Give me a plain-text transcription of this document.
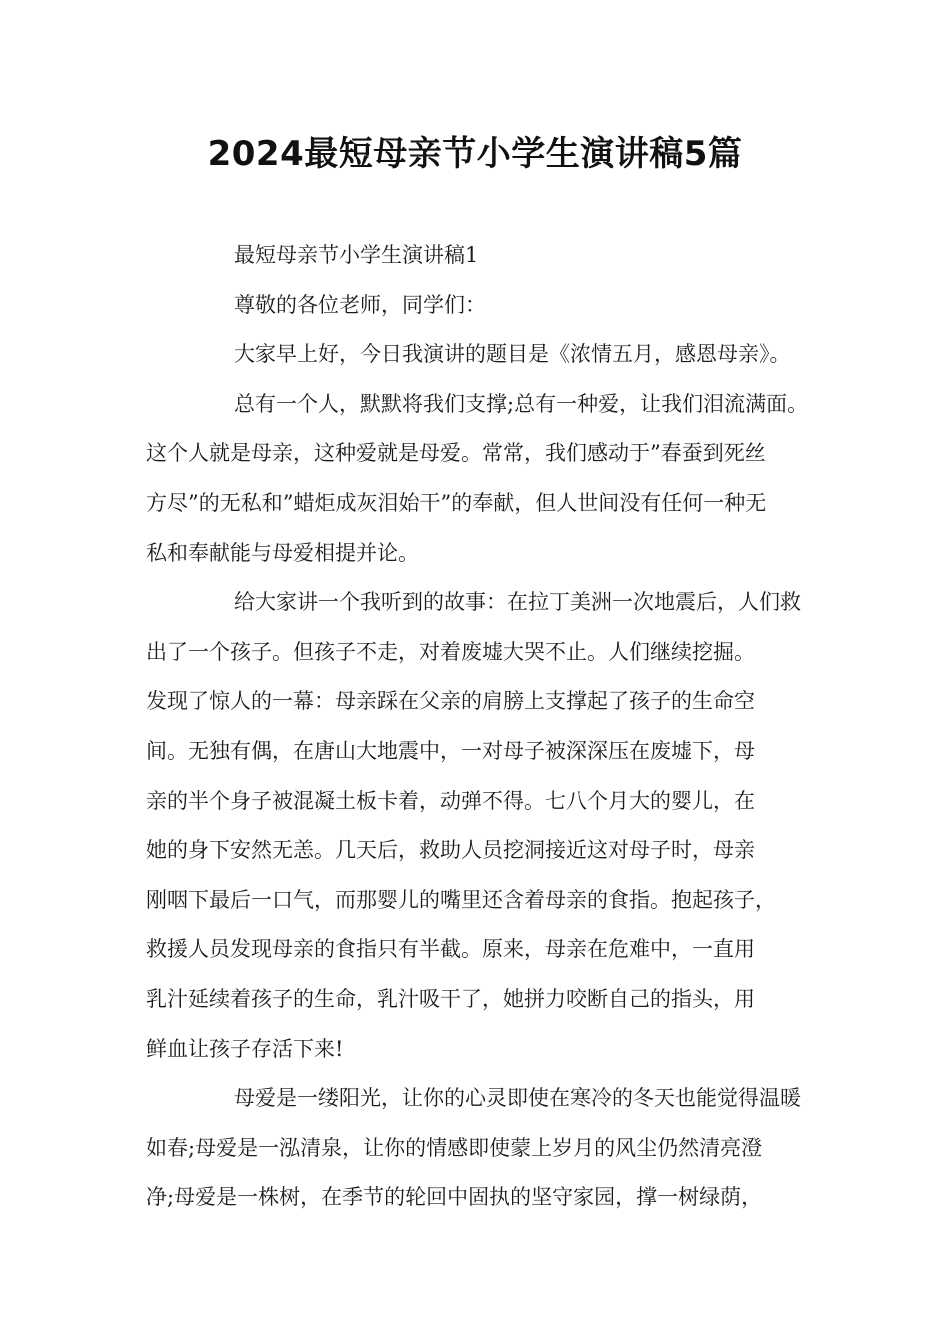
2024最短母亲节小学生演讲稿5篇
最短母亲节小学生演讲稿1
尊敬的各位老师，同学们：
大家早上好，今日我演讲的题目是《浓情五月，感恩母亲》。
总有一个人，默默将我们支撑;总有一种爱，让我们泪流满面。
这个人就是母亲，这种爱就是母爱。常常，我们感动于”春蚕到死丝
方尽”的无私和”蜡炬成灰泪始干”的奉献，但人世间没有任何一种无
私和奉献能与母爱相提并论。
给大家讲一个我听到的故事：在拉丁美洲一次地震后，人们救
出了一个孩子。但孩子不走，对着废墟大哭不止。人们继续挖掘。
发现了惊人的一幕：母亲踩在父亲的肩膀上支撑起了孩子的生命空
间。无独有偶，在唐山大地震中，一对母子被深深压在废墟下，母
亲的半个身子被混凝土板卡着，动弹不得。七八个月大的婴儿，在
她的身下安然无恙。几天后，救助人员挖洞接近这对母子时，母亲
刚咽下最后一口气，而那婴儿的嘴里还含着母亲的食指。抱起孩子，
救援人员发现母亲的食指只有半截。原来，母亲在危难中，一直用
乳汁延续着孩子的生命，乳汁吸干了，她拼力咬断自己的指头，用
鲜血让孩子存活下来!
母爱是一缕阳光，让你的心灵即使在寒冷的冬天也能觉得温暖
如春;母爱是一泓清泉，让你的情感即使蒙上岁月的风尘仍然清亮澄
净;母爱是一株树，在季节的轮回中固执的坚守家园，撑一树绿荫，
